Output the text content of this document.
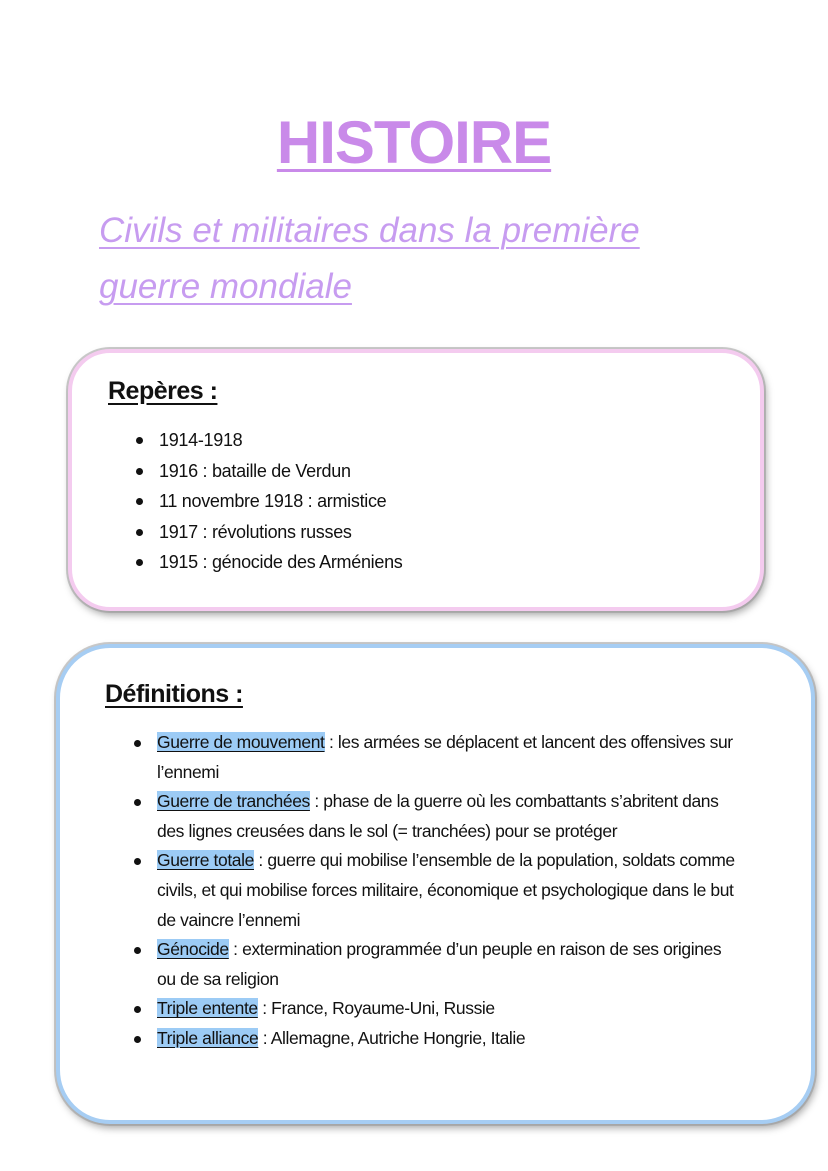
HISTOIRE
Civils et militaires dans la première guerre mondiale
Repères :
1914-1918
1916 : bataille de Verdun
11 novembre 1918 : armistice
1917 : révolutions russes
1915 : génocide des Arméniens
Définitions :
Guerre de mouvement : les armées se déplacent et lancent des offensives sur l’ennemi
Guerre de tranchées : phase de la guerre où les combattants s’abritent dans des lignes creusées dans le sol (= tranchées) pour se protéger
Guerre totale : guerre qui mobilise l’ensemble de la population, soldats comme civils, et qui mobilise forces militaire, économique et psychologique dans le but de vaincre l’ennemi
Génocide : extermination programmée d’un peuple en raison de ses origines ou de sa religion
Triple entente : France, Royaume-Uni, Russie
Triple alliance : Allemagne, Autriche Hongrie, Italie
